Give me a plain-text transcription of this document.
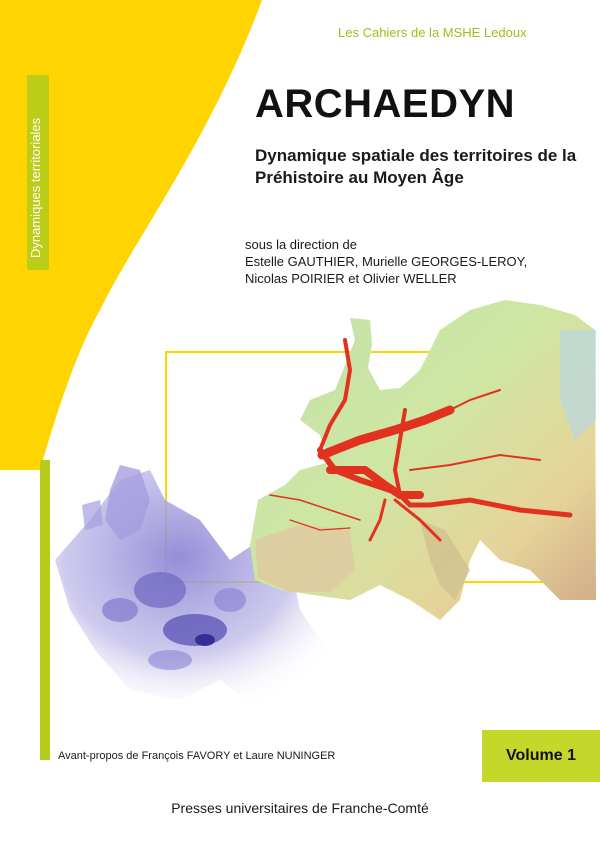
Les Cahiers de la MSHE Ledoux
Dynamiques territoriales
ARCHAEDYN
Dynamique spatiale des territoires de la Préhistoire au Moyen Âge
sous la direction de
Estelle GAUTHIER, Murielle GEORGES-LEROY,
Nicolas POIRIER et Olivier WELLER
Avant-propos de François FAVORY et Laure NUNINGER	Volume 1
Presses universitaires de Franche-Comté
